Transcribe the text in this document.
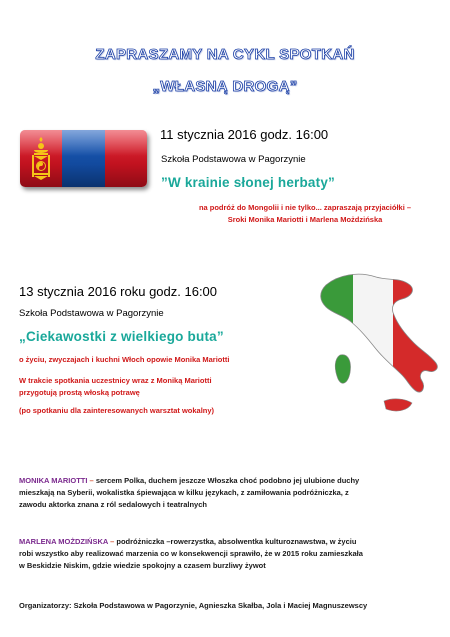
ZAPRASZAMY NA CYKL SPOTKAŃ
„WŁASNĄ DROGĄ”
11 stycznia 2016 godz. 16:00
Szkoła Podstawowa w Pagorzynie
”W krainie słonej herbaty”
na podróż do Mongolii i nie tylko... zapraszają przyjaciółki –
Sroki Monika Mariotti i Marlena Możdzińska
13 stycznia 2016 roku godz. 16:00
Szkoła Podstawowa w Pagorzynie
„Ciekawostki z wielkiego buta”
o życiu, zwyczajach i kuchni Włoch opowie Monika Mariotti
W trakcie spotkania uczestnicy wraz z Moniką Mariotti
przygotują prostą włoską potrawę
(po spotkaniu dla zainteresowanych warsztat wokalny)
MONIKA MARIOTTI – sercem Polka, duchem jeszcze Włoszka choć podobno jej ulubione duchy
mieszkają na Syberii, wokalistka śpiewająca w kilku językach, z zamiłowania podróżniczka, z
zawodu aktorka znana z ról sedalowych i teatralnych
MARLENA MOŻDZIŃSKA – podróżniczka –rowerzystka, absolwentka kulturoznawstwa, w życiu
robi wszystko aby realizować marzenia co w konsekwencji sprawiło, że w 2015 roku zamieszkała
w Beskidzie Niskim, gdzie wiedzie spokojny a czasem burzliwy żywot
Organizatorzy: Szkoła Podstawowa w Pagorzynie, Agnieszka Skałba, Jola i Maciej Magnuszewscy
